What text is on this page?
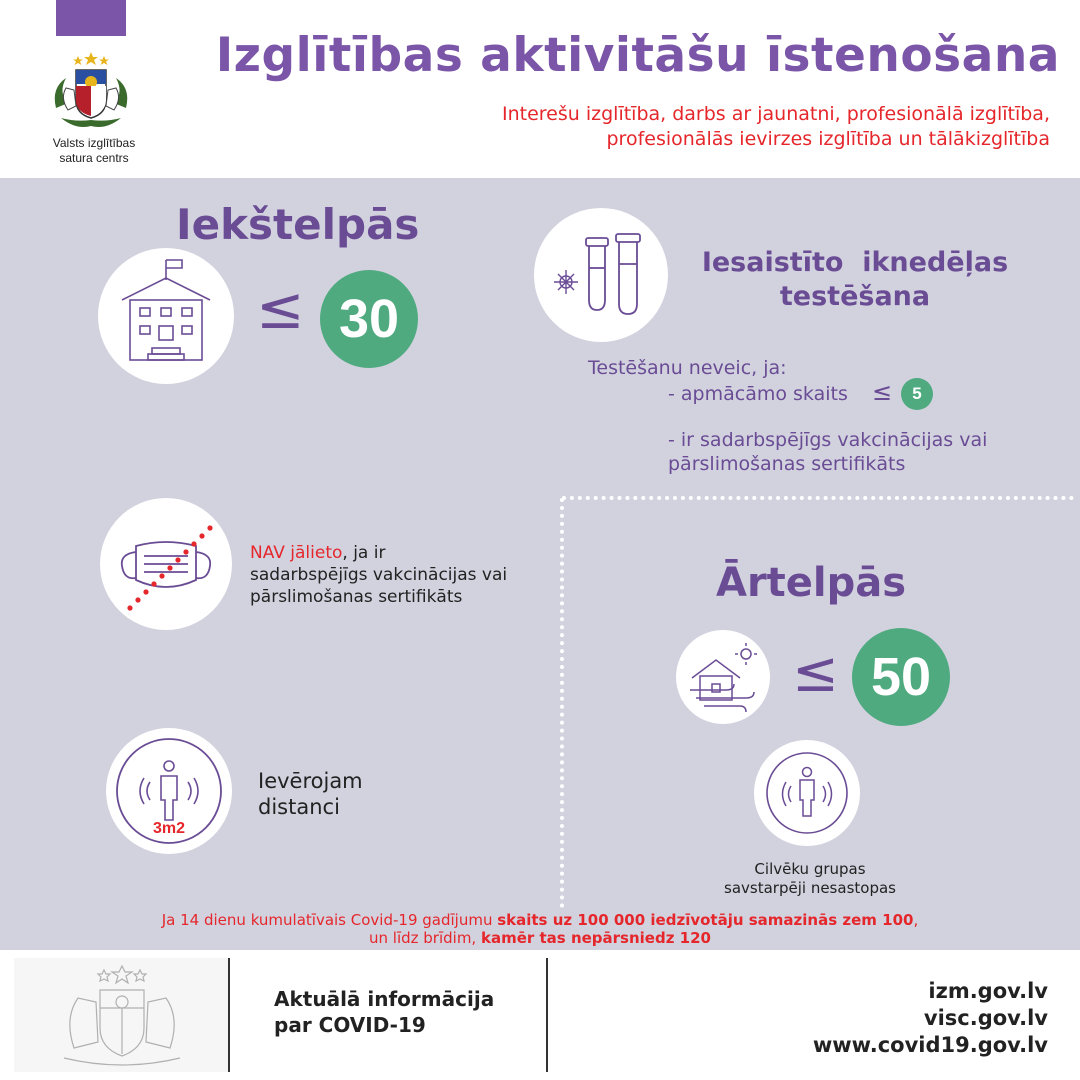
Valsts izglītības
satura centrs
Izglītības aktivitāšu īstenošana
Interešu izglītība, darbs ar jaunatni, profesionālā izglītība,
profesionālās ievirzes izglītība un tālākizglītība
Iekštelpās
≤ 30
Iesaistīto  iknedēļas
testēšana
Testēšanu neveic, ja:
- apmācāmo skaits ≤	5
- ir sadarbspējīgs vakcinācijas vai
pārslimošanas sertifikāts
NAV jālieto, ja ir
sadarbspējīgs vakcinācijas vai
pārslimošanas sertifikāts
3m2
Ievērojam
distanci
Ārtelpās
≤ 50
Cilvēku grupas
savstarpēji nesastopas
Ja 14 dienu kumulatīvais Covid-19 gadījumu skaits uz 100 000 iedzīvotāju samazinās zem 100,
un līdz brīdim, kamēr tas nepārsniedz 120
Aktuālā informācija
par COVID-19
izm.gov.lv
visc.gov.lv
www.covid19.gov.lv
